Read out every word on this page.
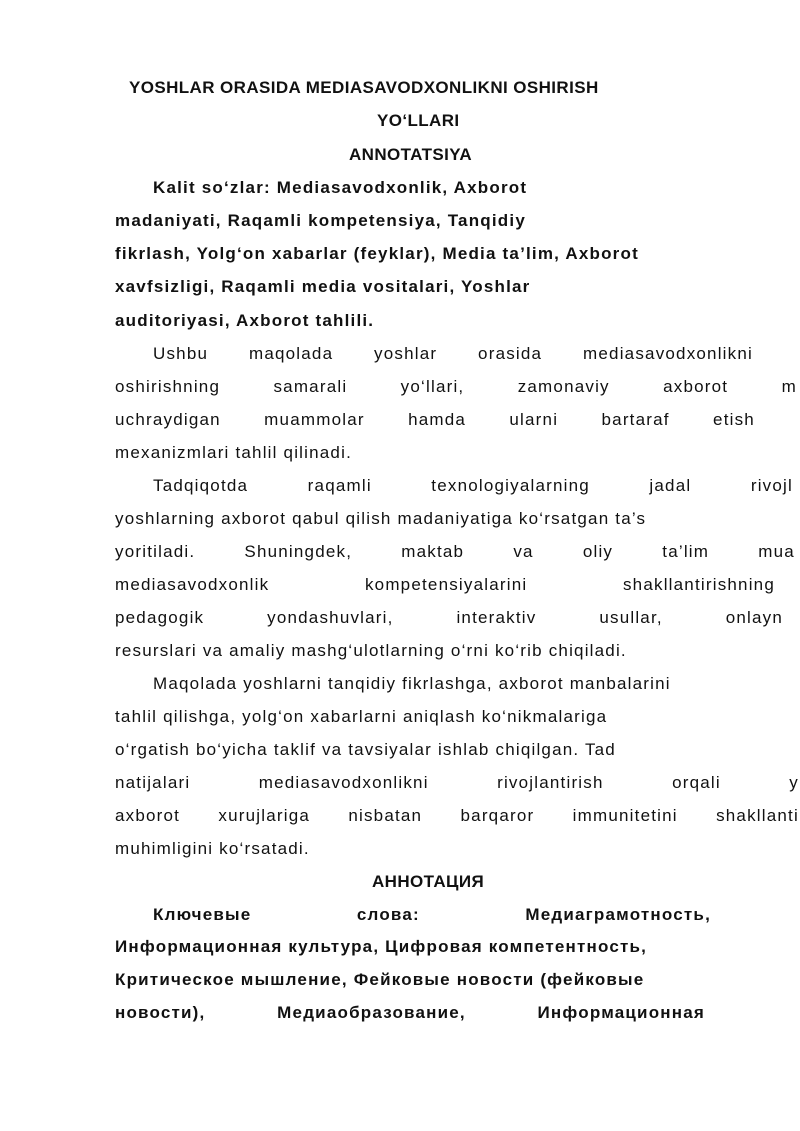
YOSHLAR ORASIDA MEDIASAVODXONLIKNI OSHIRISH
YO‘LLARI
ANNOTATSIYA
Kalit so‘zlar: Mediasavodxonlik, Axborot
madaniyati, Raqamli kompetensiya, Tanqidiy
fikrlash, Yolg‘on xabarlar (feyklar), Media ta’lim, Axborot
xavfsizligi, Raqamli media vositalari, Yoshlar
auditoriyasi, Axborot tahlili.
Ushbu maqolada yoshlar orasida mediasavodxonlikni
oshirishning	samarali	yo‘llari,	zamonaviy	axborot	m
uchraydigan	muammolar	hamda	ularni	bartaraf	etish
mexanizmlari tahlil qilinadi.
Tadqiqotda	raqamli	texnologiyalarning	jadal	rivojl
yoshlarning axborot qabul qilish madaniyatiga ko‘rsatgan ta’s
yoritiladi.	Shuningdek,	maktab	va	oliy	ta’lim	mua
mediasavodxonlik	kompetensiyalarini	shakllantirishning
pedagogik	yondashuvlari,	interaktiv	usullar,	onlayn
resurslari va amaliy mashg‘ulotlarning o‘rni ko‘rib chiqiladi.
Maqolada yoshlarni tanqidiy fikrlashga, axborot manbalarini
tahlil qilishga, yolg‘on xabarlarni aniqlash ko‘nikmalariga
o‘rgatish bo‘yicha taklif va tavsiyalar ishlab chiqilgan. Tad
natijalari	mediasavodxonlikni	rivojlantirish	orqali	y
axborot xurujlariga nisbatan barqaror immunitetini shakllanti
muhimligini ko‘rsatadi.
АННОТАЦИЯ
Ключевые	слова:	Медиаграмотность,
Информационная культура, Цифровая компетентность,
Критическое мышление, Фейковые новости (фейковые
новости),	Медиаобразование,	Информационная
